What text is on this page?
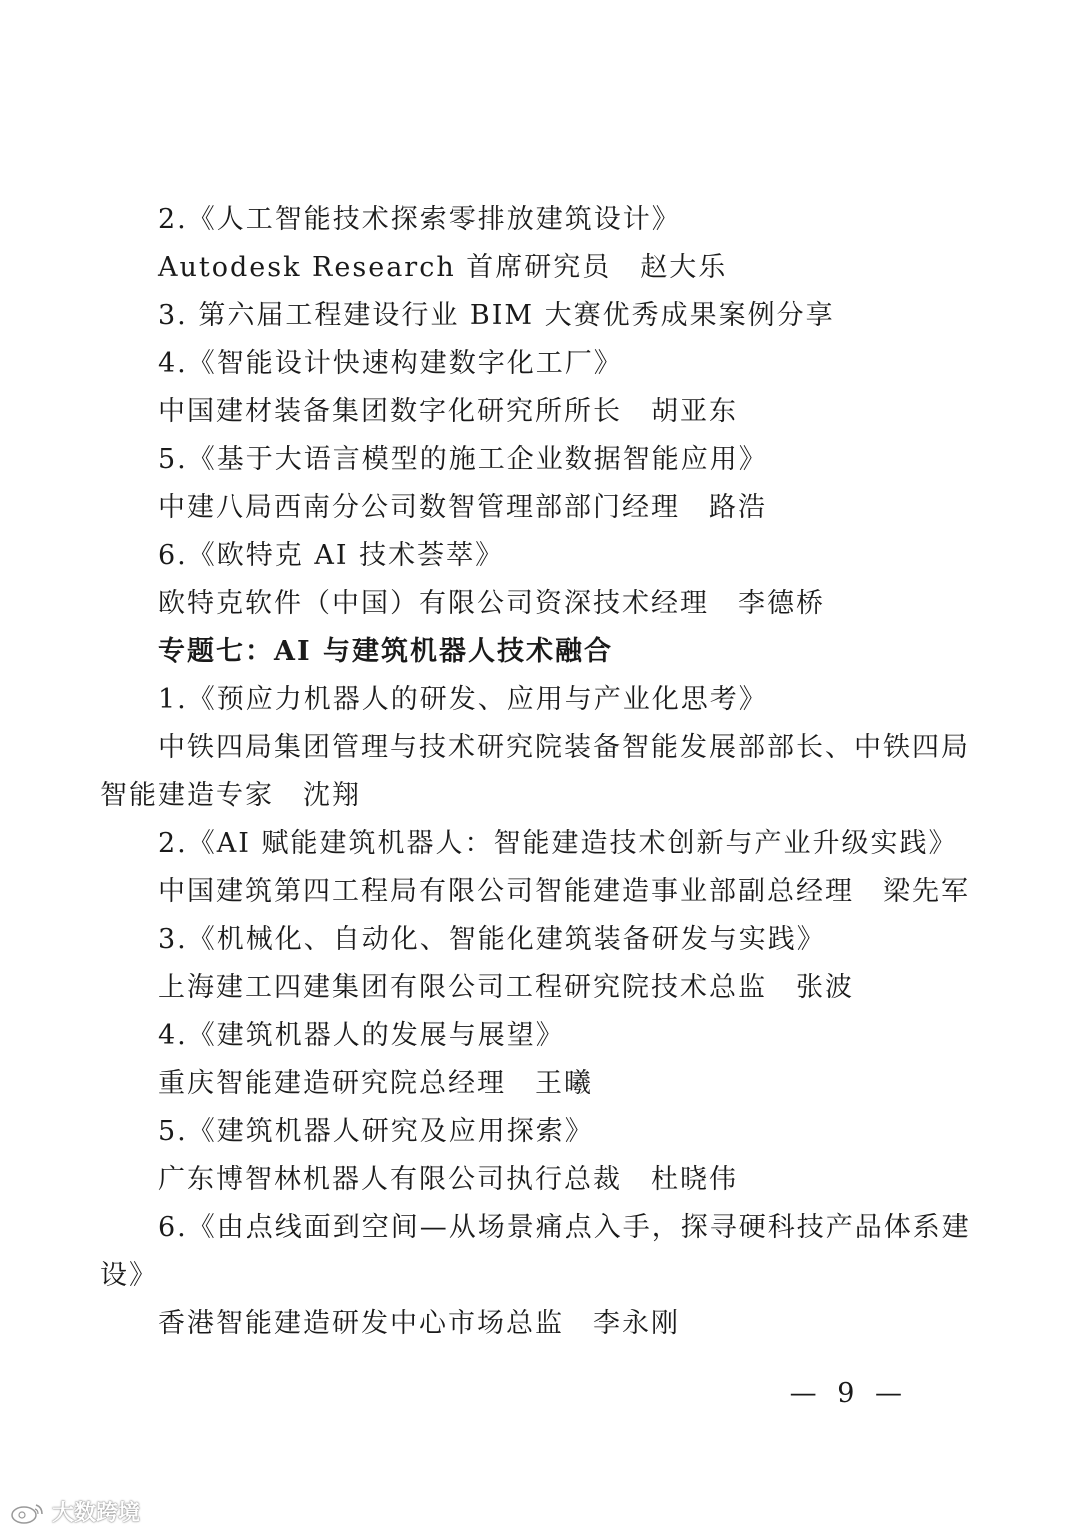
2.《人工智能技术探索零排放建筑设计》
Autodesk Research 首席研究员　赵大乐
3. 第六届工程建设行业 BIM 大赛优秀成果案例分享
4.《智能设计快速构建数字化工厂》
中国建材装备集团数字化研究所所长　胡亚东
5.《基于大语言模型的施工企业数据智能应用》
中建八局西南分公司数智管理部部门经理　路浩
6.《欧特克 AI 技术荟萃》
欧特克软件（中国）有限公司资深技术经理　李德桥
专题七：AI 与建筑机器人技术融合
1.《预应力机器人的研发、应用与产业化思考》
中铁四局集团管理与技术研究院装备智能发展部部长、中铁四局智能建造专家　沈翔
2.《AI 赋能建筑机器人：智能建造技术创新与产业升级实践》
中国建筑第四工程局有限公司智能建造事业部副总经理　梁先军
3.《机械化、自动化、智能化建筑装备研发与实践》
上海建工四建集团有限公司工程研究院技术总监　张波
4.《建筑机器人的发展与展望》
重庆智能建造研究院总经理　王曦
5.《建筑机器人研究及应用探索》
广东博智林机器人有限公司执行总裁　杜晓伟
6.《由点线面到空间—从场景痛点入手，探寻硬科技产品体系建设》
香港智能建造研发中心市场总监　李永刚
— 9 —
大数跨境
